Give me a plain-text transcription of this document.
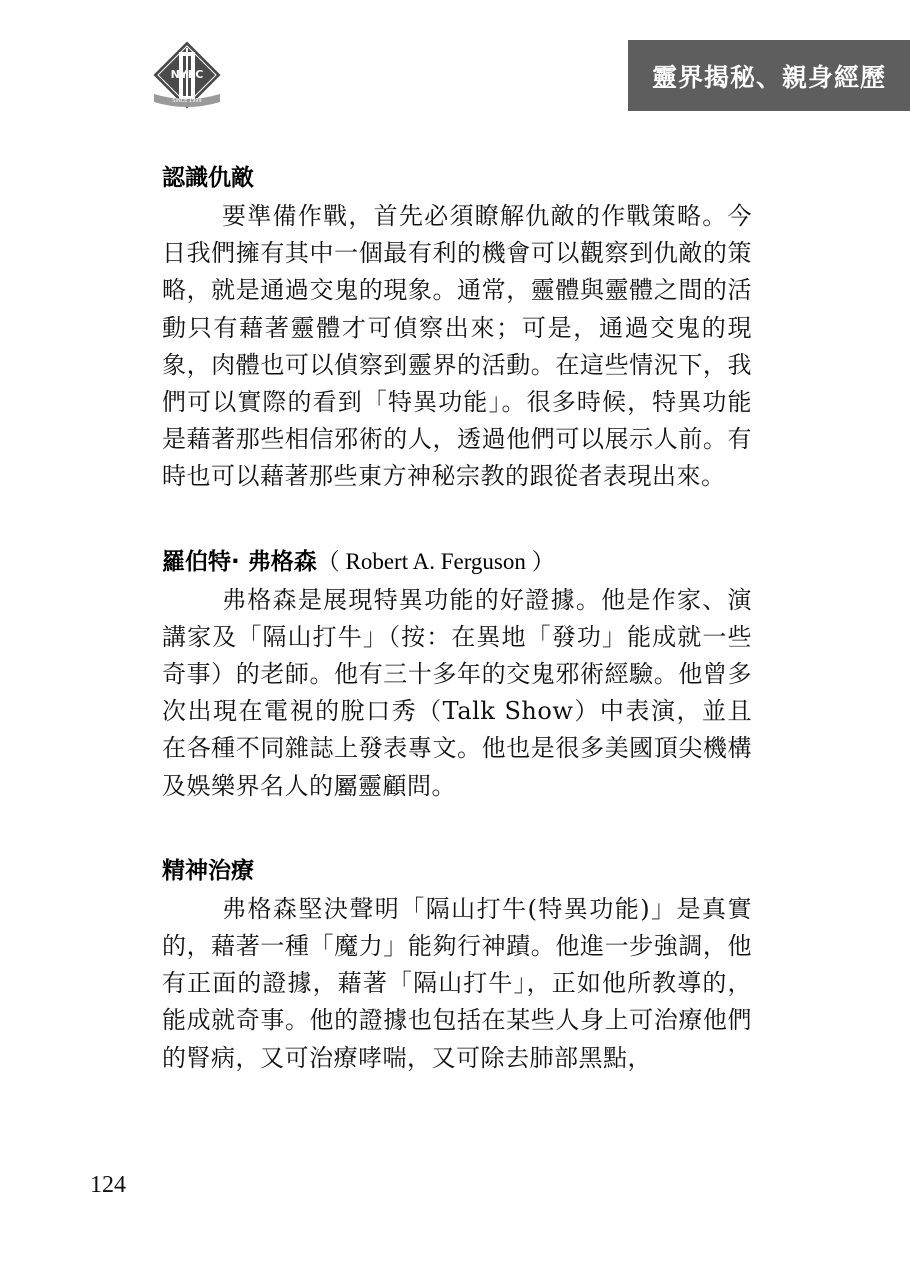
NYEC
SINCE 1999
靈界揭秘、親身經歷
認識仇敵

要準備作戰，首先必須瞭解仇敵的作戰策略。今日我們擁有其中一個最有利的機會可以觀察到仇敵的策略，就是通過交鬼的現象。通常，靈體與靈體之間的活動只有藉著靈體才可偵察出來；可是，通過交鬼的現象，肉體也可以偵察到靈界的活動。在這些情況下，我們可以實際的看到「特異功能」。很多時候，特異功能是藉著那些相信邪術的人，透過他們可以展示人前。有時也可以藉著那些東方神秘宗教的跟從者表現出來。

羅伯特· 弗格森（ Robert A. Ferguson ）

弗格森是展現特異功能的好證據。他是作家、演講家及「隔山打牛」（按：在異地「發功」能成就一些奇事）的老師。他有三十多年的交鬼邪術經驗。他曾多次出現在電視的脫口秀（Talk Show）中表演，並且在各種不同雜誌上發表專文。他也是很多美國頂尖機構及娛樂界名人的屬靈顧問。

精神治療

弗格森堅決聲明「隔山打牛(特異功能)」是真實的，藉著一種「魔力」能夠行神蹟。他進一步強調，他有正面的證據，藉著「隔山打牛」，正如他所教導的，能成就奇事。他的證據也包括在某些人身上可治療他們的腎病，又可治療哮喘，又可除去肺部黑點，

124
